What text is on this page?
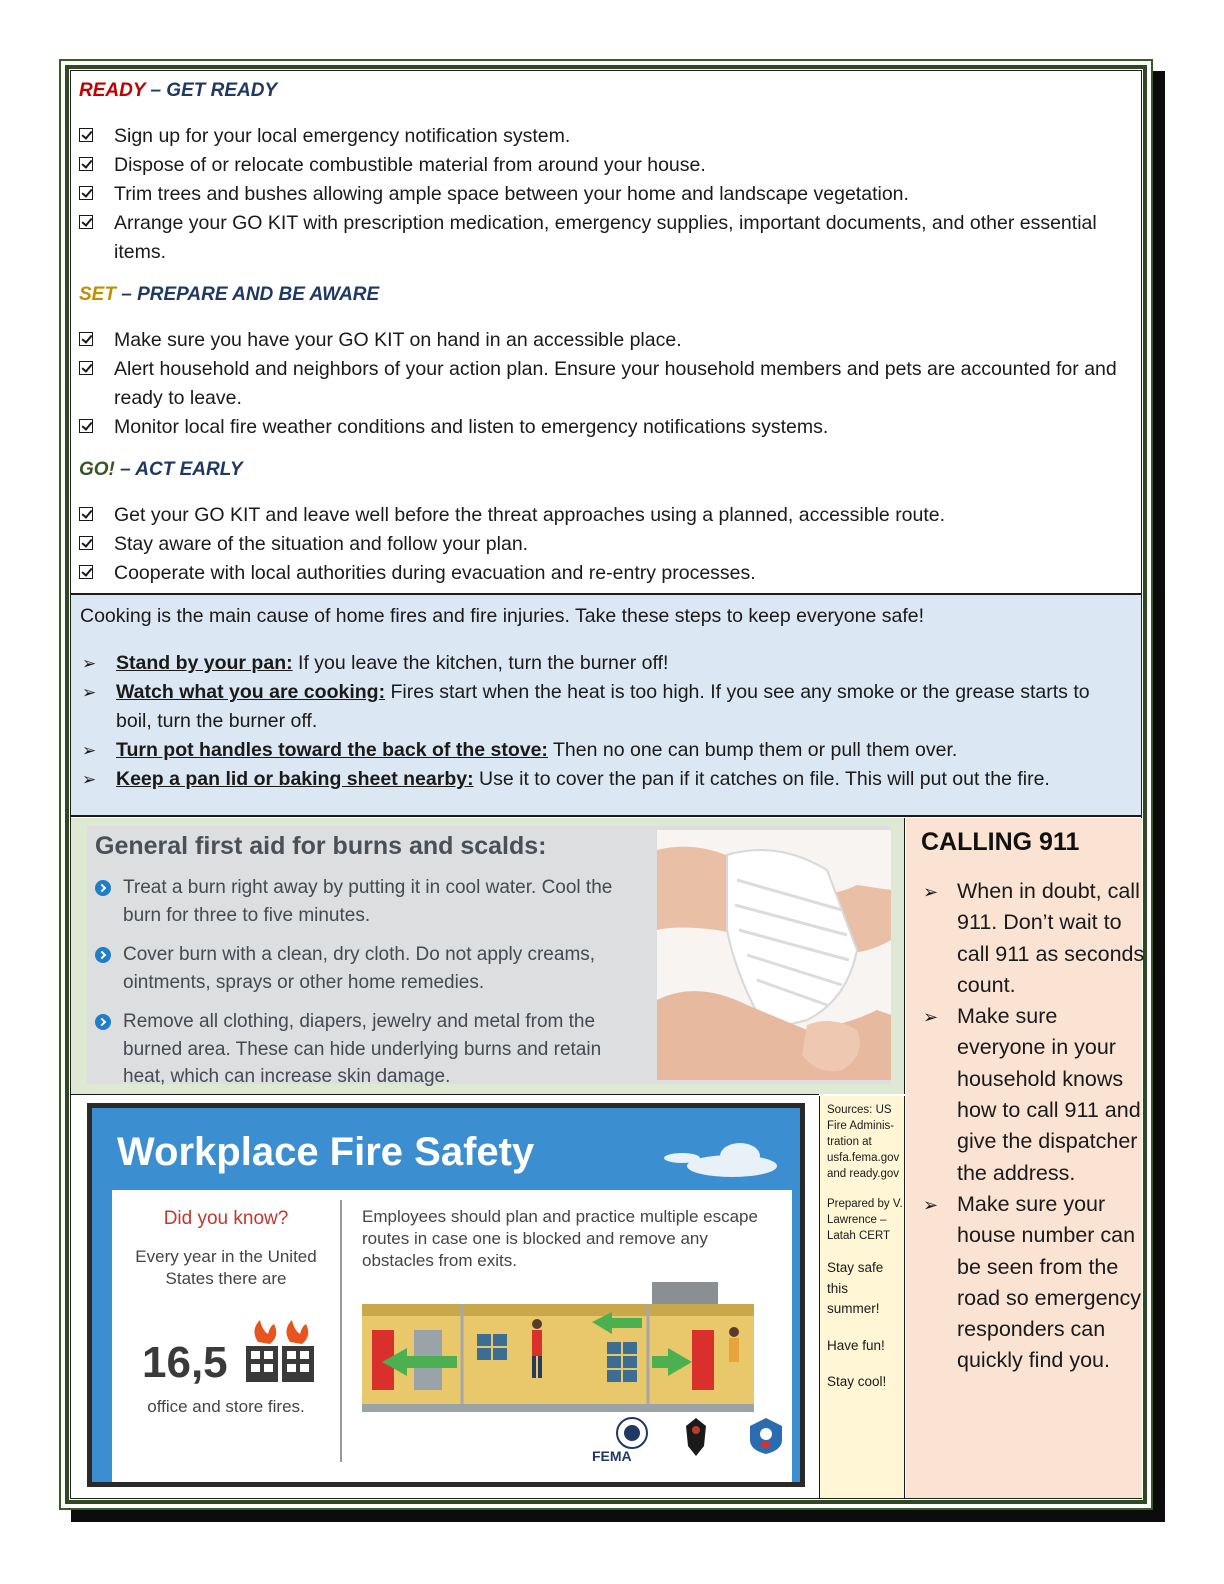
READY – GET READY
Sign up for your local emergency notification system.
Dispose of or relocate combustible material from around your house.
Trim trees and bushes allowing ample space between your home and landscape vegetation.
Arrange your GO KIT with prescription medication, emergency supplies, important documents, and other essential items.
SET – PREPARE AND BE AWARE
Make sure you have your GO KIT on hand in an accessible place.
Alert household and neighbors of your action plan. Ensure your household members and pets are accounted for and ready to leave.
Monitor local fire weather conditions and listen to emergency notifications systems.
GO! – ACT EARLY
Get your GO KIT and leave well before the threat approaches using a planned, accessible route.
Stay aware of the situation and follow your plan.
Cooperate with local authorities during evacuation and re-entry processes.
Cooking is the main cause of home fires and fire injuries. Take these steps to keep everyone safe!
➢ Stand by your pan: If you leave the kitchen, turn the burner off!
➢ Watch what you are cooking: Fires start when the heat is too high. If you see any smoke or the grease starts to boil, turn the burner off.
➢ Turn pot handles toward the back of the stove: Then no one can bump them or pull them over.
➢ Keep a pan lid or baking sheet nearby: Use it to cover the pan if it catches on file. This will put out the fire.
General first aid for burns and scalds:
Treat a burn right away by putting it in cool water. Cool the burn for three to five minutes.
Cover burn with a clean, dry cloth. Do not apply creams, ointments, sprays or other home remedies.
Remove all clothing, diapers, jewelry and metal from the burned area. These can hide underlying burns and retain heat, which can increase skin damage.
CALLING 911
➢ When in doubt, call 911. Don’t wait to call 911 as seconds count.
➢ Make sure everyone in your household knows how to call 911 and give the dispatcher the address.
➢ Make sure your house number can be seen from the road so emergency responders can quickly find you.
Workplace Fire Safety
Did you know?
Every year in the United States there are
16,5
office and store fires.
Employees should plan and practice multiple escape routes in case one is blocked and remove any obstacles from exits.
FEMA

Sources: US Fire Adminis-tration at usfa.fema.gov and ready.gov

Prepared by V. Lawrence – Latah CERT

Stay safe this summer!

Have fun!

Stay cool!
